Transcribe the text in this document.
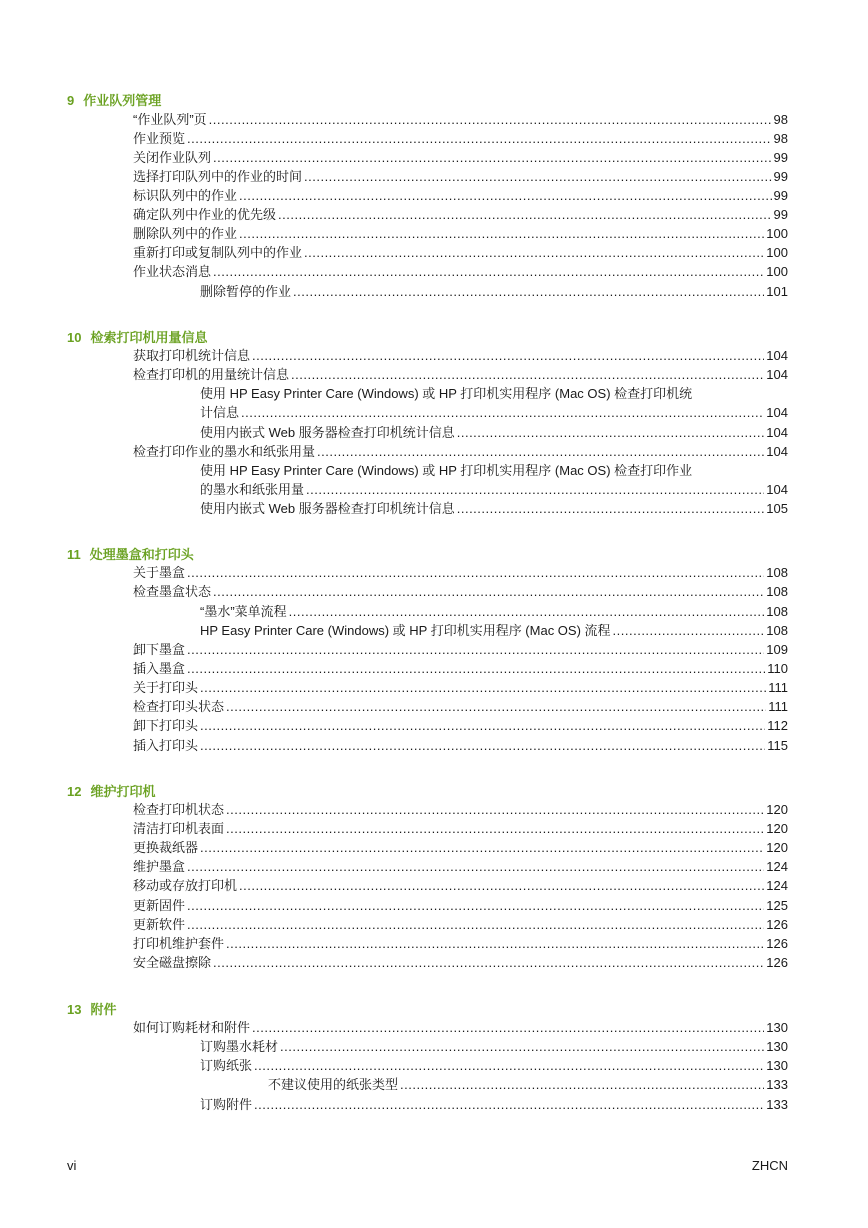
9 作业队列管理
“作业队列”页 .....	98
作业预览 .....	98
关闭作业队列 .....	99
选择打印队列中的作业的时间 .....	99
标识队列中的作业 .....	99
确定队列中作业的优先级 .....	99
删除队列中的作业 .....	100
重新打印或复制队列中的作业 .....	100
作业状态消息 .....	100
删除暂停的作业 .....	101
10 检索打印机用量信息
获取打印机统计信息 .....	104
检查打印机的用量统计信息 .....	104
使用 HP Easy Printer Care (Windows) 或 HP 打印机实用程序 (Mac OS) 检查打印机统
计信息 .....	104
使用内嵌式 Web 服务器检查打印机统计信息 .....	104
检查打印作业的墨水和纸张用量 .....	104
使用 HP Easy Printer Care (Windows) 或 HP 打印机实用程序 (Mac OS) 检查打印作业
的墨水和纸张用量 .....	104
使用内嵌式 Web 服务器检查打印机统计信息 .....	105
11 处理墨盒和打印头
关于墨盒 .....	108
检查墨盒状态 .....	108
“墨水”菜单流程 .....	108
HP Easy Printer Care (Windows) 或 HP 打印机实用程序 (Mac OS) 流程 .....	108
卸下墨盒 .....	109
插入墨盒 .....	110
关于打印头 .....	111
检查打印头状态 .....	111
卸下打印头 .....	112
插入打印头 .....	115
12 维护打印机
检查打印机状态 .....	120
清洁打印机表面 .....	120
更换裁纸器 .....	120
维护墨盒 .....	124
移动或存放打印机 .....	124
更新固件 .....	125
更新软件 .....	126
打印机维护套件 .....	126
安全磁盘擦除 .....	126
13 附件
如何订购耗材和附件 .....	130
订购墨水耗材 .....	130
订购纸张 .....	130
不建议使用的纸张类型 .....	133
订购附件 .....	133
vi	ZHCN
